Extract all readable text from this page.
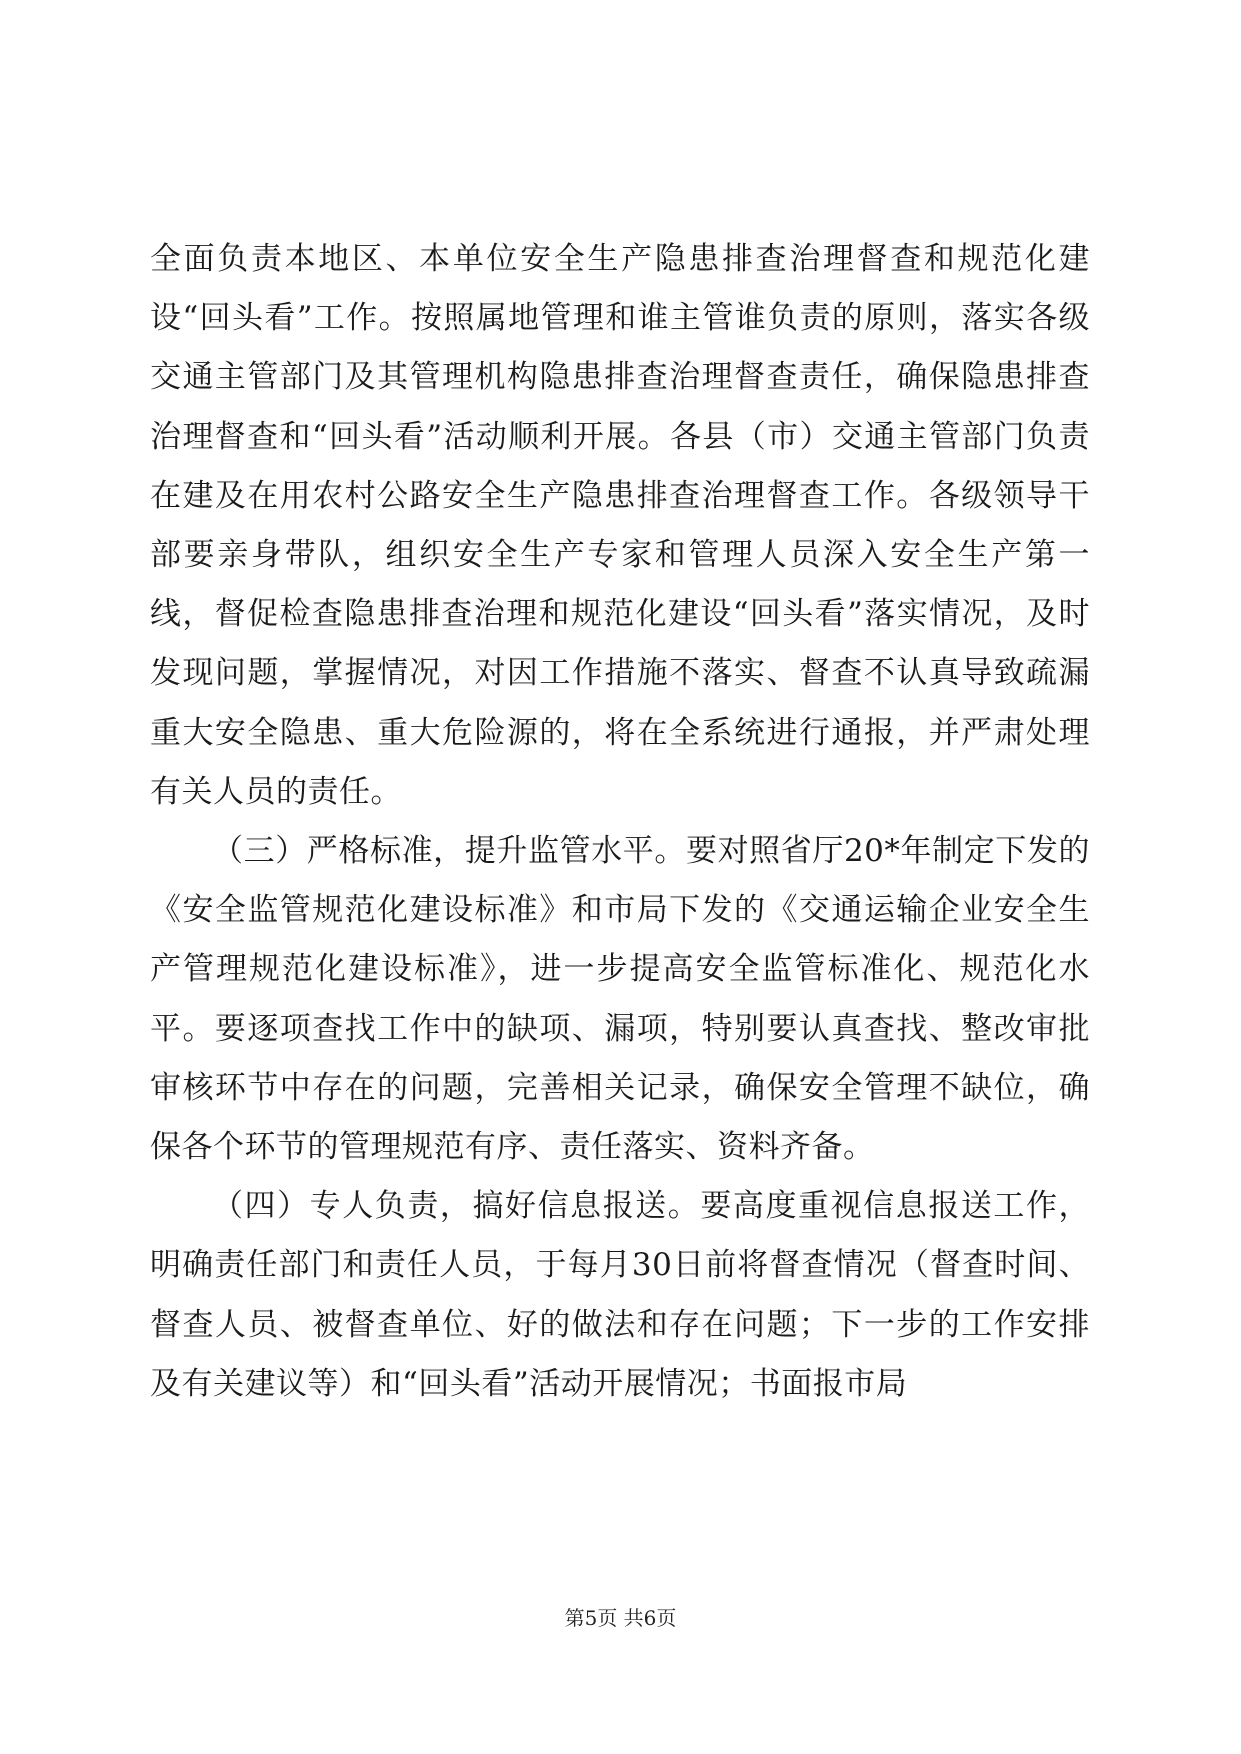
全面负责本地区、本单位安全生产隐患排查治理督查和规范化建设“回头看”工作。按照属地管理和谁主管谁负责的原则，落实各级交通主管部门及其管理机构隐患排查治理督查责任，确保隐患排查治理督查和“回头看”活动顺利开展。各县（市）交通主管部门负责在建及在用农村公路安全生产隐患排查治理督查工作。各级领导干部要亲身带队，组织安全生产专家和管理人员深入安全生产第一线，督促检查隐患排查治理和规范化建设“回头看”落实情况，及时发现问题，掌握情况，对因工作措施不落实、督查不认真导致疏漏重大安全隐患、重大危险源的，将在全系统进行通报，并严肃处理有关人员的责任。

（三）严格标准，提升监管水平。要对照省厅20*年制定下发的《安全监管规范化建设标准》和市局下发的《交通运输企业安全生产管理规范化建设标准》，进一步提高安全监管标准化、规范化水平。要逐项查找工作中的缺项、漏项，特别要认真查找、整改审批审核环节中存在的问题，完善相关记录，确保安全管理不缺位，确保各个环节的管理规范有序、责任落实、资料齐备。

（四）专人负责，搞好信息报送。要高度重视信息报送工作，明确责任部门和责任人员，于每月30日前将督查情况（督查时间、督查人员、被督查单位、好的做法和存在问题；下一步的工作安排及有关建议等）和“回头看”活动开展情况；书面报市局

第5页 共6页
